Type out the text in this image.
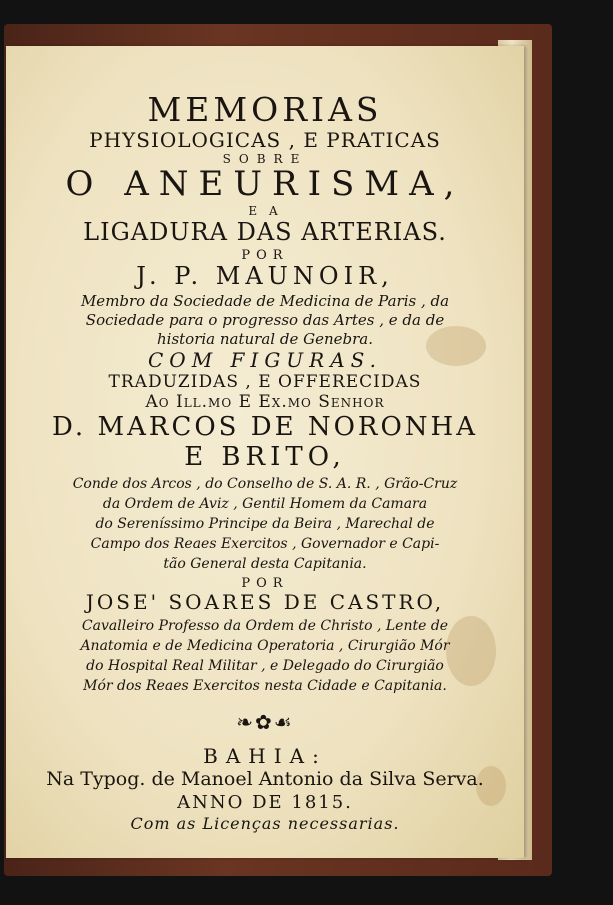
MEMORIAS
PHYSIOLOGICAS , E PRATICAS
SOBRE
O ANEURISMA,
E A
LIGADURA DAS ARTERIAS.
POR
J. P. MAUNOIR,
Membro da Sociedade de Medicina de Paris , da
Sociedade para o progresso das Artes , e da de
historia natural de Genebra.
COM FIGURAS.
TRADUZIDAS , E OFFERECIDAS
Ao Ill.mo E Ex.mo Senhor
D. MARCOS DE NORONHA
E BRITO,
Conde dos Arcos , do Conselho de S. A. R. , Grão-Cruz
da Ordem de Aviz , Gentil Homem da Camara
do Sereníssimo Principe da Beira , Marechal de
Campo dos Reaes Exercitos , Governador e Capi-
tão General desta Capitania.
POR
JOSE' SOARES DE CASTRO,
Cavalleiro Professo da Ordem de Christo , Lente de
Anatomia e de Medicina Operatoria , Cirurgião Mór
do Hospital Real Militar , e Delegado do Cirurgião
Mór dos Reaes Exercitos nesta Cidade e Capitania.
❧✿☙
BAHIA:
Na Typog. de Manoel Antonio da Silva Serva.
ANNO DE 1815.
Com as Licenças necessarias.
